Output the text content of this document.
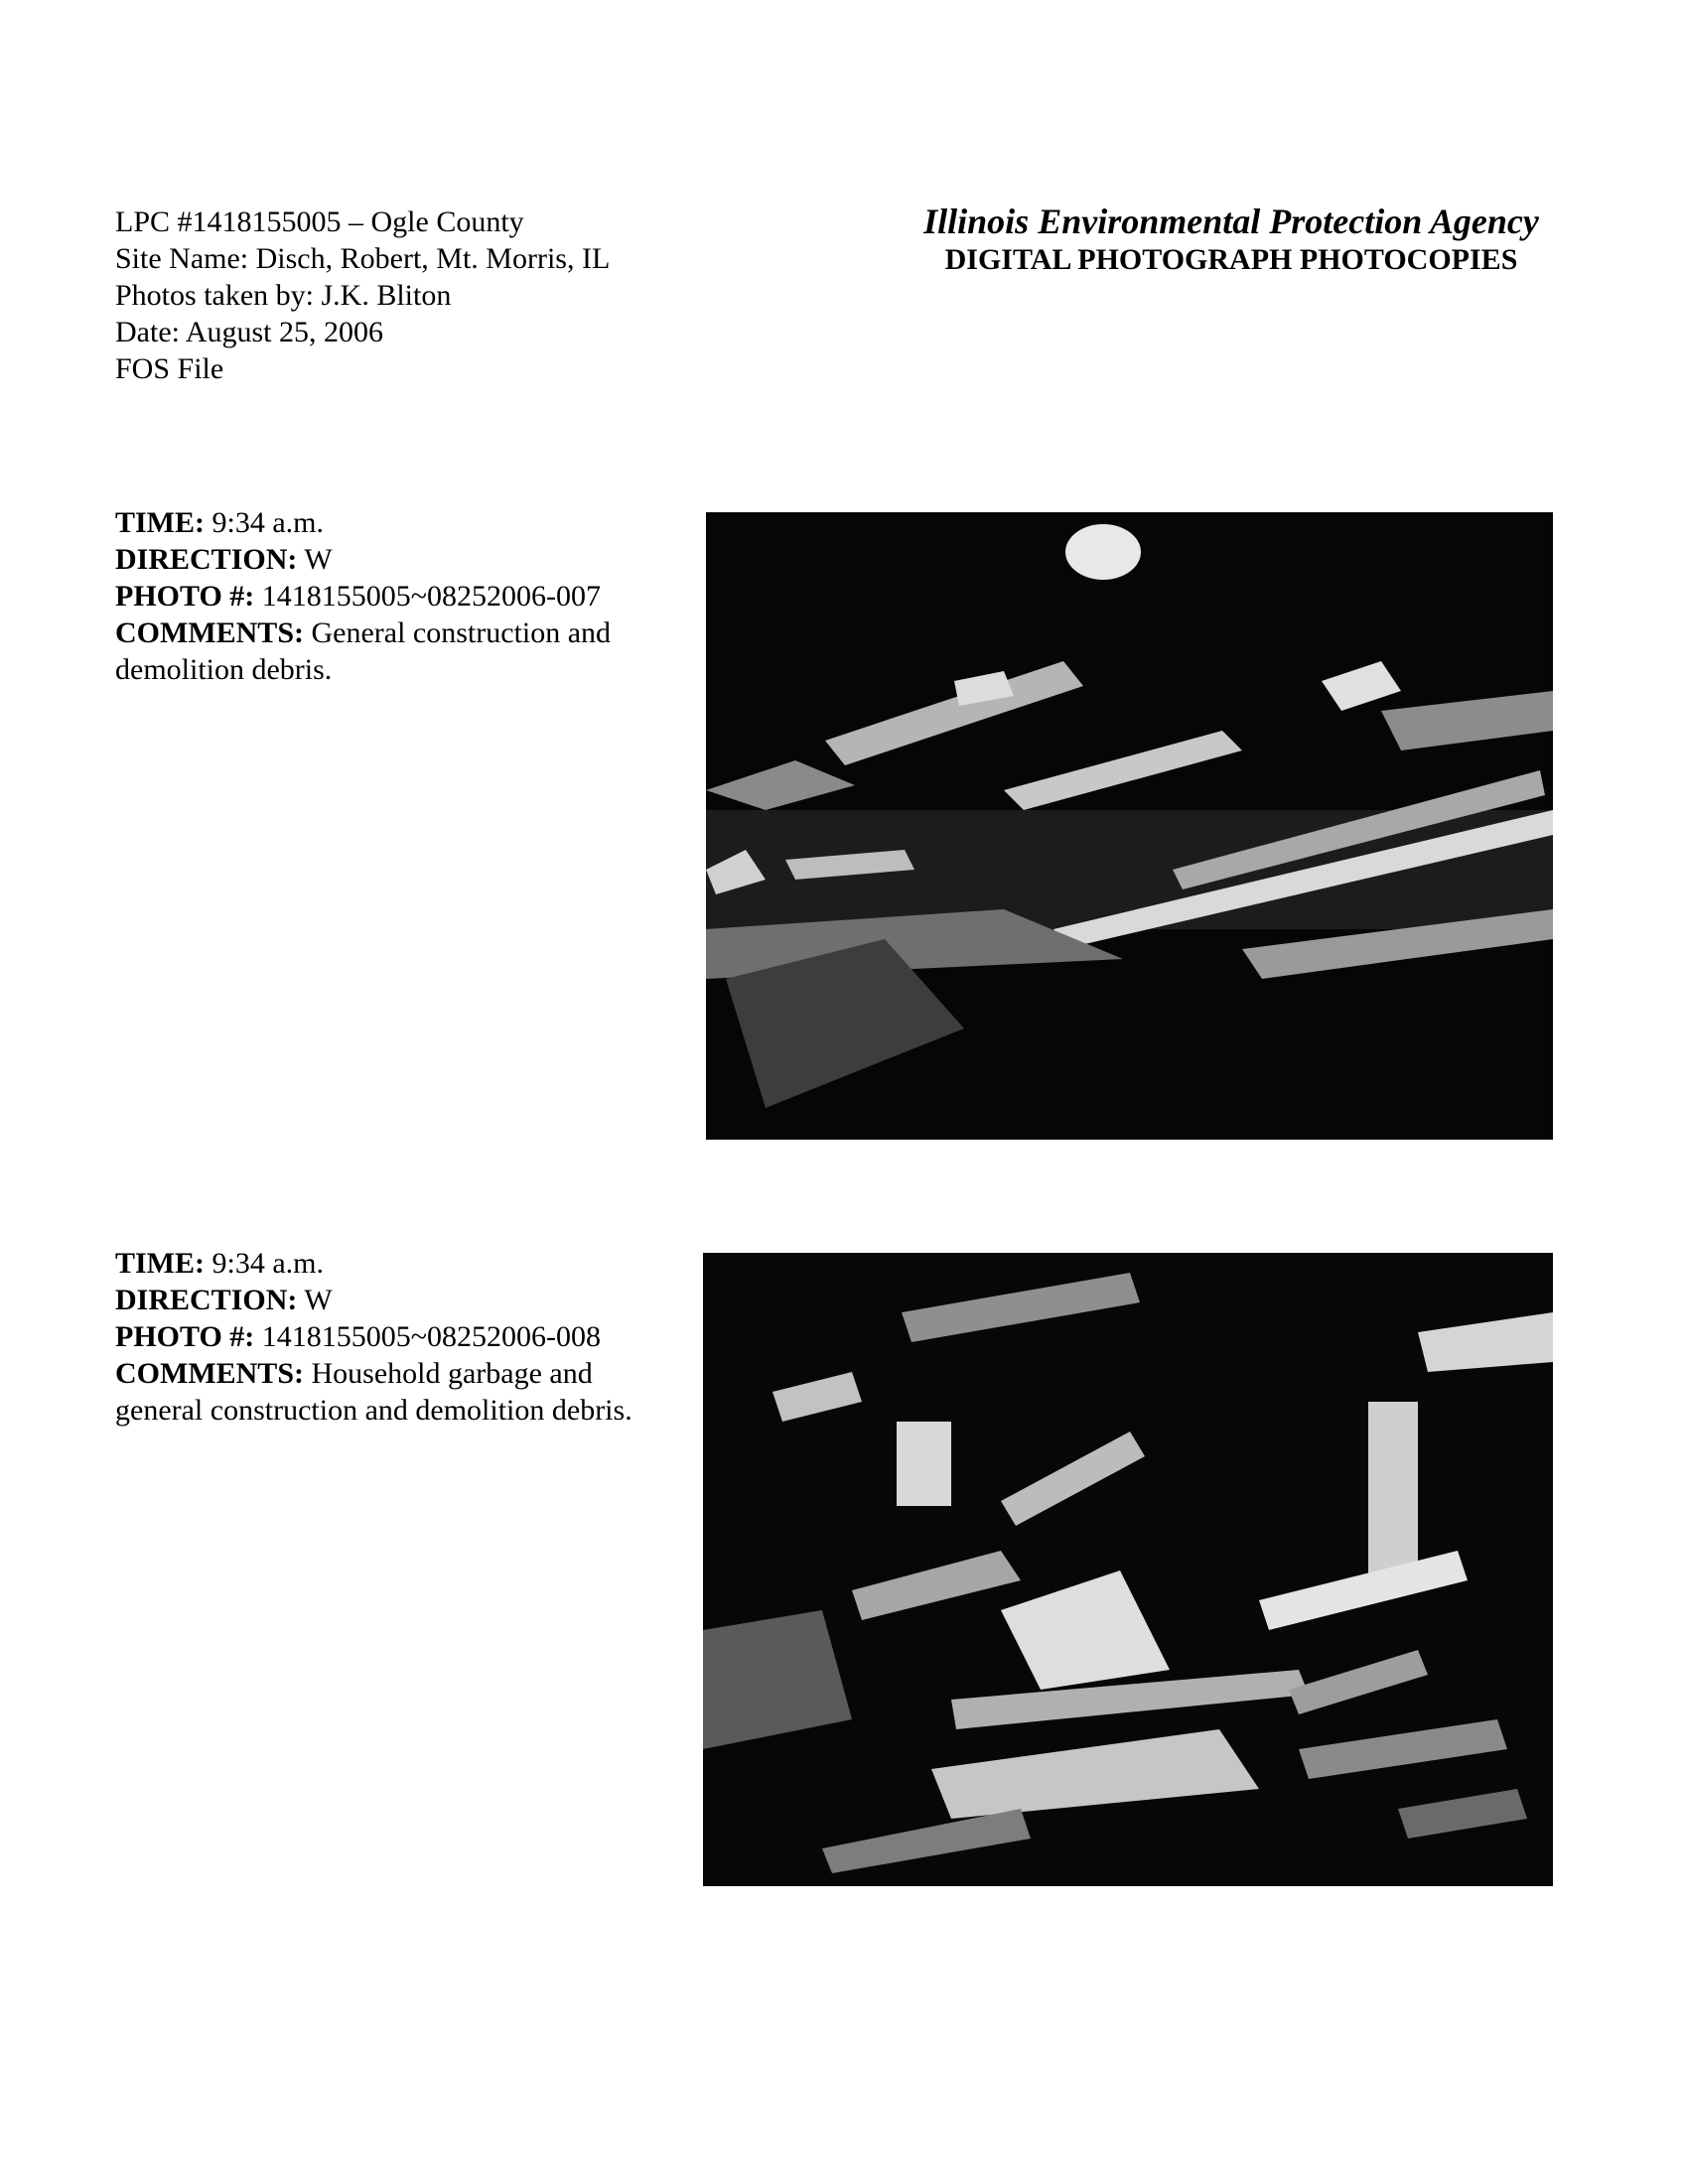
LPC #1418155005 – Ogle County
Site Name: Disch, Robert, Mt. Morris, IL
Photos taken by: J.K. Bliton
Date: August 25, 2006
FOS File
Illinois Environmental Protection Agency
DIGITAL PHOTOGRAPH PHOTOCOPIES
TIME: 9:34 a.m.
DIRECTION: W
PHOTO #: 1418155005~08252006-007
COMMENTS: General construction and demolition debris.
TIME: 9:34 a.m.
DIRECTION: W
PHOTO #: 1418155005~08252006-008
COMMENTS: Household garbage and general construction and demolition debris.
